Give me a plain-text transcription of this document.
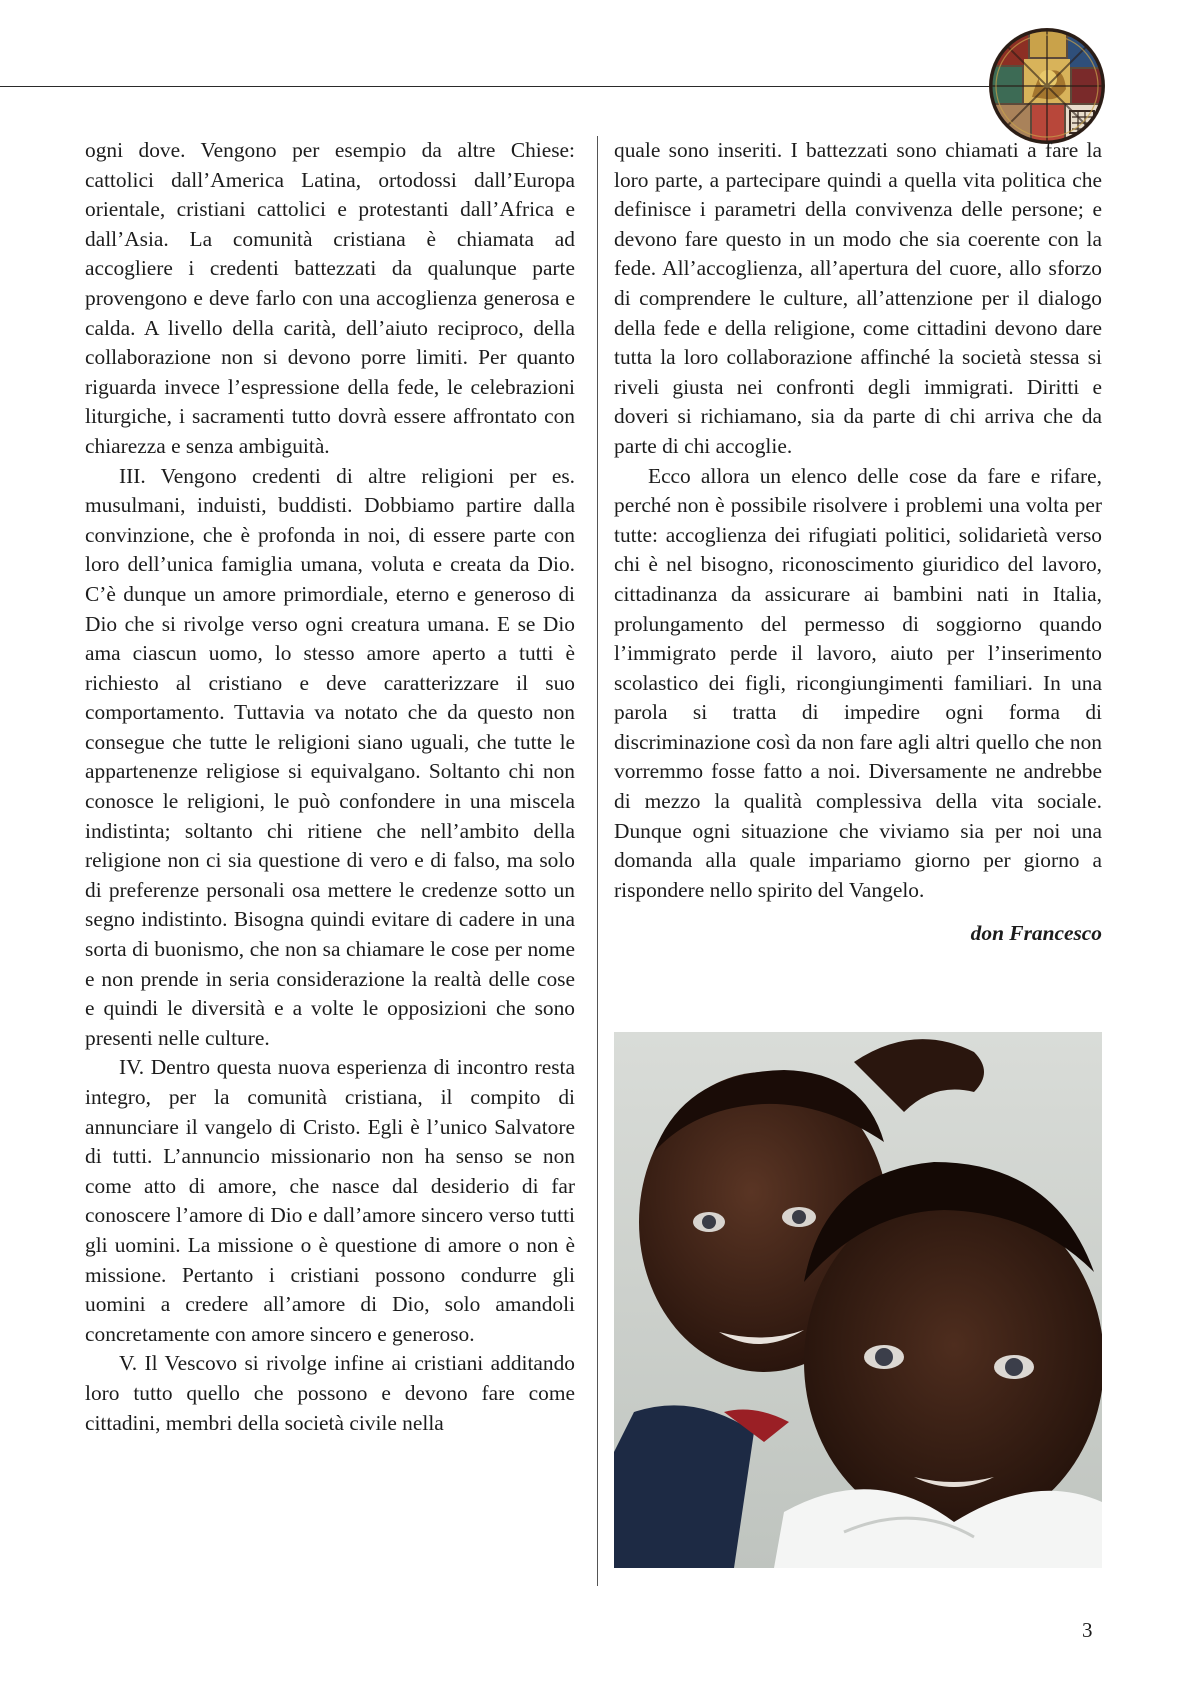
ogni dove. Vengono per esempio da altre Chiese: cattolici dall’America Latina, ortodossi dall’Europa orientale, cristiani cattolici e protestanti dall’Africa e dall’Asia. La comunità cristiana è chiamata ad accogliere i credenti battezzati da qualunque parte provengono e deve farlo con una accoglienza generosa e calda. A livello della carità, dell’aiuto reciproco, della collaborazione non si devono porre limiti. Per quanto riguarda invece l’espressione della fede, le celebrazioni liturgiche, i sacramenti tutto dovrà essere affrontato con chiarezza e senza ambiguità.

III. Vengono credenti di altre religioni per es. musulmani, induisti, buddisti. Dobbiamo partire dalla convinzione, che è profonda in noi, di essere parte con loro dell’unica famiglia umana, voluta e creata da Dio. C’è dunque un amore primordiale, eterno e generoso di Dio che si rivolge verso ogni creatura umana. E se Dio ama ciascun uomo, lo stesso amore aperto a tutti è richiesto al cristiano e deve caratterizzare il suo comportamento. Tuttavia va notato che da questo non consegue che tutte le religioni siano uguali, che tutte le appartenenze religiose si equivalgano. Soltanto chi non conosce le religioni, le può confondere in una miscela indistinta; soltanto chi ritiene che nell’ambito della religione non ci sia questione di vero e di falso, ma solo di preferenze personali osa mettere le credenze sotto un segno indistinto. Bisogna quindi evitare di cadere in una sorta di buonismo, che non sa chiamare le cose per nome e non prende in seria considerazione la realtà delle cose e quindi le diversità e a volte le opposizioni che sono presenti nelle culture.

IV. Dentro questa nuova esperienza di incontro resta integro, per la comunità cristiana, il compito di annunciare il vangelo di Cristo. Egli è l’unico Salvatore di tutti. L’annuncio missionario non ha senso se non come atto di amore, che nasce dal desiderio di far conoscere l’amore di Dio e dall’amore sincero verso tutti gli uomini. La missione o è questione di amore o non è missione. Pertanto i cristiani possono condurre gli uomini a credere all’amore di Dio, solo amandoli concretamente con amore sincero e generoso.

V. Il Vescovo si rivolge infine ai cristiani additando loro tutto quello che possono e devono fare come cittadini, membri della società civile nella

quale sono inseriti. I battezzati sono chiamati a fare la loro parte, a partecipare quindi a quella vita politica che definisce i parametri della convivenza delle persone; e devono fare questo in un modo che sia coerente con la fede. All’accoglienza, all’apertura del cuore, allo sforzo di comprendere le culture, all’attenzione per il dialogo della fede e della religione, come cittadini devono dare tutta la loro collaborazione affinché la società stessa si riveli giusta nei confronti degli immigrati. Diritti e doveri si richiamano, sia da parte di chi arriva che da parte di chi accoglie.

Ecco allora un elenco delle cose da fare e rifare, perché non è possibile risolvere i problemi una volta per tutte: accoglienza dei rifugiati politici, solidarietà verso chi è nel bisogno, riconoscimento giuridico del lavoro, cittadinanza da assicurare ai bambini nati in Italia, prolungamento del permesso di soggiorno quando l’immigrato perde il lavoro, aiuto per l’inserimento scolastico dei figli, ricongiungimenti familiari. In una parola si tratta di impedire ogni forma di discriminazione così da non fare agli altri quello che non vorremmo fosse fatto a noi. Diversamente ne andrebbe di mezzo la qualità complessiva della vita sociale. Dunque ogni situazione che viviamo sia per noi una domanda alla quale impariamo giorno per giorno a rispondere nello spirito del Vangelo.

don Francesco

3
